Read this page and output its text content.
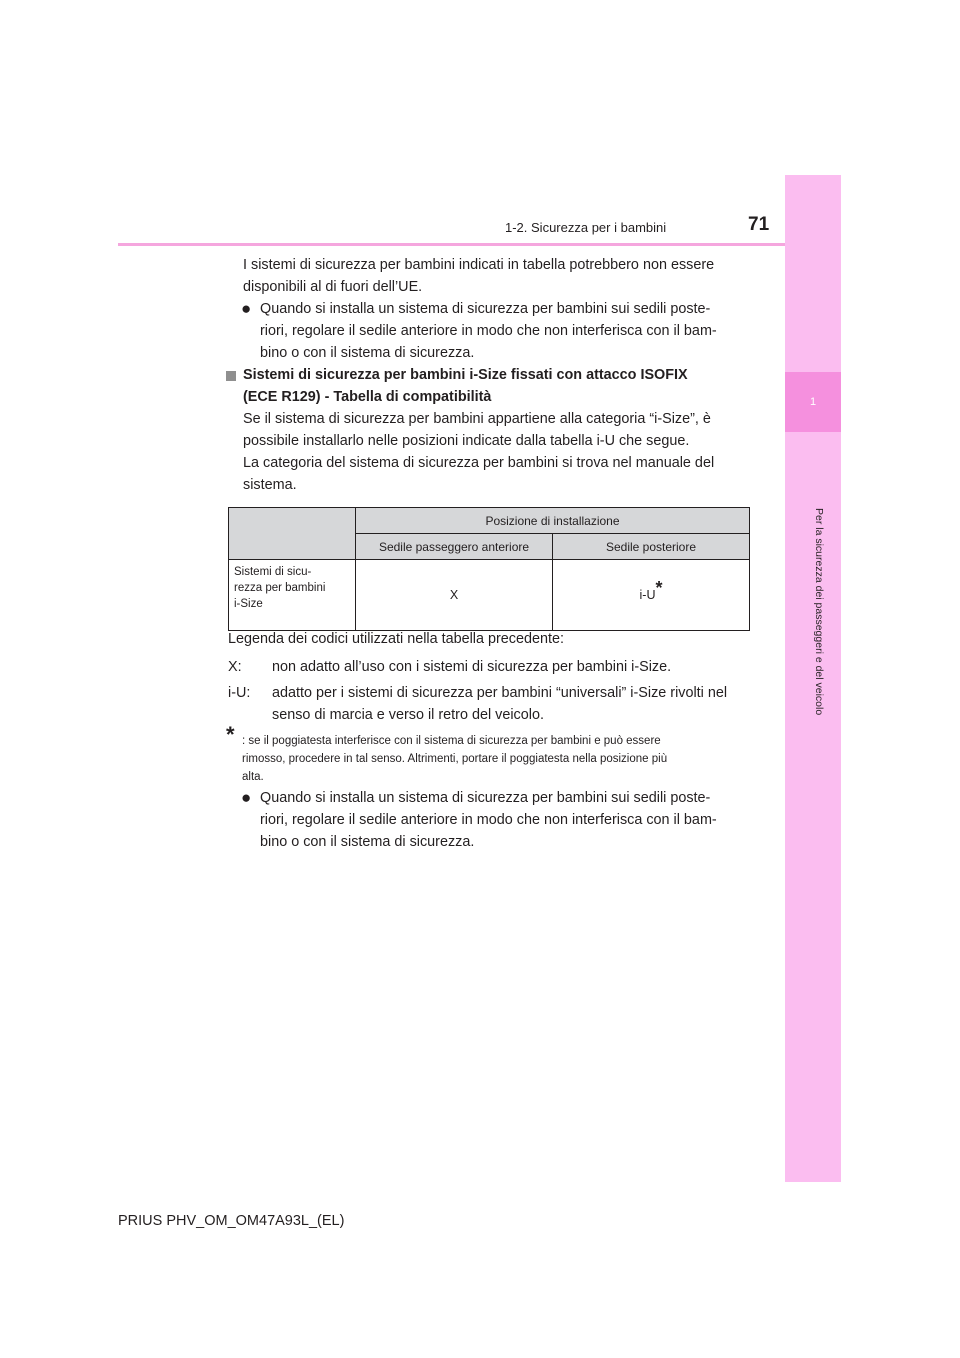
1-2. Sicurezza per i bambini	71
1
Per la sicurezza dei passeggeri e del veicolo
I sistemi di sicurezza per bambini indicati in tabella potrebbero non essere
disponibili al di fuori dell’UE.
● Quando si installa un sistema di sicurezza per bambini sui sedili poste-
riori, regolare il sedile anteriore in modo che non interferisca con il bam-
bino o con il sistema di sicurezza.
Sistemi di sicurezza per bambini i-Size fissati con attacco ISOFIX
(ECE R129) - Tabella di compatibilità
Se il sistema di sicurezza per bambini appartiene alla categoria “i-Size”, è
possibile installarlo nelle posizioni indicate dalla tabella i-U che segue.
La categoria del sistema di sicurezza per bambini si trova nel manuale del
sistema.
	Posizione di installazione	
	Sedile passeggero anteriore	Sedile posteriore

Sistemi di sicu-
rezza per bambini
i-Size	X	i-U*
Legenda dei codici utilizzati nella tabella precedente:
X: non adatto all’uso con i sistemi di sicurezza per bambini i-Size.
i-U: adatto per i sistemi di sicurezza per bambini “universali” i-Size rivolti nel
senso di marcia e verso il retro del veicolo.
* : se il poggiatesta interferisce con il sistema di sicurezza per bambini e può essere
rimosso, procedere in tal senso. Altrimenti, portare il poggiatesta nella posizione più
alta.
● Quando si installa un sistema di sicurezza per bambini sui sedili poste-
riori, regolare il sedile anteriore in modo che non interferisca con il bam-
bino o con il sistema di sicurezza.
PRIUS PHV_OM_OM47A93L_(EL)
